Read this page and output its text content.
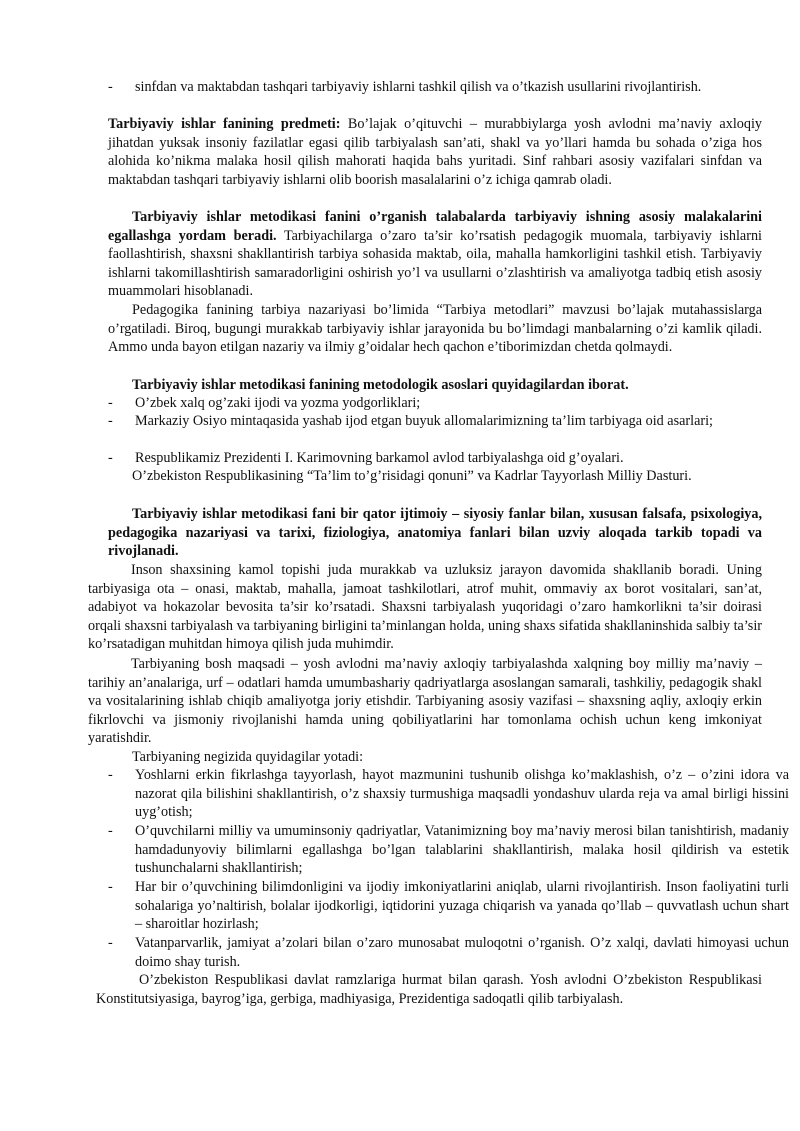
- sinfdan va maktabdan tashqari tarbiyaviy ishlarni tashkil qilish va o’tkazish usullarini rivojlantirish.

Tarbiyaviy ishlar fanining predmeti: Bo’lajak o’qituvchi – murabbiylarga yosh avlodni ma’naviy axloqiy jihatdan yuksak insoniy fazilatlar egasi qilib tarbiyalash san’ati, shakl va yo’llari hamda bu sohada o’ziga hos alohida ko’nikma malaka hosil qilish mahorati haqida bahs yuritadi. Sinf rahbari asosiy vazifalari sinfdan va maktabdan tashqari tarbiyaviy ishlarni olib boorish masalalarini o’z ichiga qamrab oladi.

Tarbiyaviy ishlar metodikasi fanini o’rganish talabalarda tarbiyaviy ishning asosiy malakalarini egallashga yordam beradi. Tarbiyachilarga o’zaro ta’sir ko’rsatish pedagogik muomala, tarbiyaviy ishlarni faollashtirish, shaxsni shakllantirish tarbiya sohasida maktab, oila, mahalla hamkorligini tashkil etish. Tarbiyaviy ishlarni takomillashtirish samaradorligini oshirish yo’l va usullarni o’zlashtirish va amaliyotga tadbiq etish asosiy muammolari hisoblanadi.

Pedagogika fanining tarbiya nazariyasi bo’limida “Tarbiya metodlari” mavzusi bo’lajak mutahassislarga o’rgatiladi. Biroq, bugungi murakkab tarbiyaviy ishlar jarayonida bu bo’limdagi manbalarning o’zi kamlik qiladi. Ammo unda bayon etilgan nazariy va ilmiy g’oidalar hech qachon e’tiborimizdan chetda qolmaydi.

Tarbiyaviy ishlar metodikasi fanining metodologik asoslari quyidagilardan iborat.

- O’zbek xalq og’zaki ijodi va yozma yodgorliklari;
- Markaziy Osiyo mintaqasida yashab ijod etgan buyuk allomalarimizning ta’lim tarbiyaga oid asarlari;
- Respublikamiz Prezidenti I. Karimovning barkamol avlod tarbiyalashga oid g’oyalari.

O’zbekiston Respublikasining “Ta’lim to’g’risidagi qonuni” va Kadrlar Tayyorlash Milliy Dasturi.

Tarbiyaviy ishlar metodikasi fani bir qator ijtimoiy – siyosiy fanlar bilan, xususan falsafa, psixologiya, pedagogika nazariyasi va tarixi, fiziologiya, anatomiya fanlari bilan uzviy aloqada tarkib topadi va rivojlanadi.

Inson shaxsining kamol topishi juda murakkab va uzluksiz jarayon davomida shakllanib boradi. Uning tarbiyasiga ota – onasi, maktab, mahalla, jamoat tashkilotlari, atrof muhit, ommaviy ax borot vositalari, san’at, adabiyot va hokazolar bevosita ta’sir ko’rsatadi. Shaxsni tarbiyalash yuqoridagi o’zaro hamkorlikni ta’sir doirasi orqali shaxsni tarbiyalash va tarbiyaning birligini ta’minlangan holda, uning shaxs sifatida shakllaninshida salbiy ta’sir ko’rsatadigan muhitdan himoya qilish juda muhimdir.

Tarbiyaning bosh maqsadi – yosh avlodni ma’naviy axloqiy tarbiyalashda xalqning boy milliy ma’naviy – tarihiy an’analariga, urf – odatlari hamda umumbashariy qadriyatlarga asoslangan samarali, tashkiliy, pedagogik shakl va vositalarining ishlab chiqib amaliyotga joriy etishdir. Tarbiyaning asosiy vazifasi – shaxsning aqliy, axloqiy erkin fikrlovchi va jismoniy rivojlanishi hamda uning qobiliyatlarini har tomonlama ochish uchun keng imkoniyat yaratishdir.

Tarbiyaning negizida quyidagilar yotadi:

- Yoshlarni erkin fikrlashga tayyorlash, hayot mazmunini tushunib olishga ko’maklashish, o’z – o’zini idora va nazorat qila bilishini shakllantirish, o’z shaxsiy turmushiga maqsadli yondashuv ularda reja va amal birligi hissini uyg’otish;
- O’quvchilarni milliy va umuminsoniy qadriyatlar, Vatanimizning boy ma’naviy merosi bilan tanishtirish, madaniy hamdadunyoviy bilimlarni egallashga bo’lgan talablarini shakllantirish, malaka hosil qildirish va estetik tushunchalarni shakllantirish;
- Har bir o’quvchining bilimdonligini va ijodiy imkoniyatlarini aniqlab, ularni rivojlantirish. Inson faoliyatini turli sohalariga yo’naltirish, bolalar ijodkorligi, iqtidorini yuzaga chiqarish va yanada qo’llab – quvvatlash uchun shart – sharoitlar hozirlash;
- Vatanparvarlik, jamiyat a’zolari bilan o’zaro munosabat muloqotni o’rganish. O’z xalqi, davlati himoyasi uchun doimo shay turish.

O’zbekiston Respublikasi davlat ramzlariga hurmat bilan qarash. Yosh avlodni O’zbekiston Respublikasi Konstitutsiyasiga, bayrog’iga, gerbiga, madhiyasiga, Prezidentiga sadoqatli qilib tarbiyalash.
